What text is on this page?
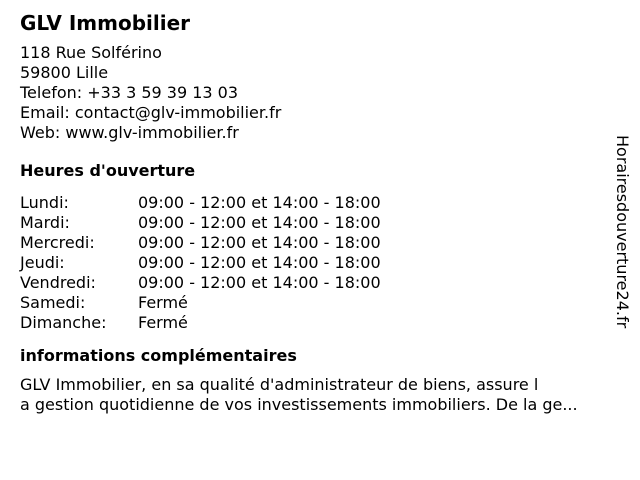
GLV Immobilier
118 Rue Solférino
59800 Lille
Telefon: +33 3 59 39 13 03
Email: contact@glv-immobilier.fr
Web: www.glv-immobilier.fr
Heures d'ouverture
Lundi:	09:00 - 12:00 et 14:00 - 18:00
Mardi:	09:00 - 12:00 et 14:00 - 18:00
Mercredi:	09:00 - 12:00 et 14:00 - 18:00
Jeudi:	09:00 - 12:00 et 14:00 - 18:00
Vendredi:	09:00 - 12:00 et 14:00 - 18:00
Samedi:	Fermé
Dimanche:	Fermé
informations complémentaires
GLV Immobilier, en sa qualité d'administrateur de biens, assure l
a gestion quotidienne de vos investissements immobiliers. De la ge...
Horairesdouverture24.fr
